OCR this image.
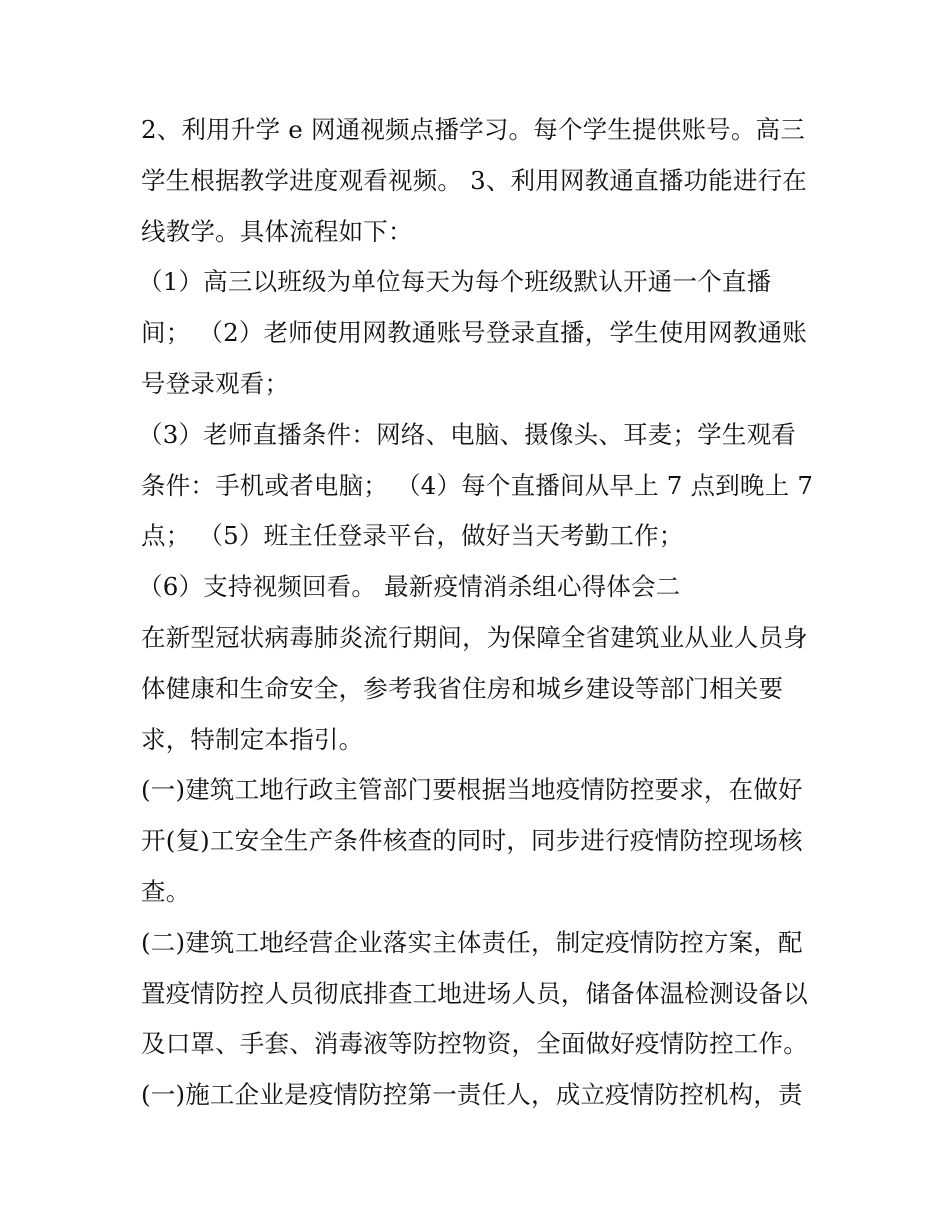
2、利用升学 e 网通视频点播学习。每个学生提供账号。高三
学生根据教学进度观看视频。 3、利用网教通直播功能进行在
线教学。具体流程如下：
（1）高三以班级为单位每天为每个班级默认开通一个直播
间； （2）老师使用网教通账号登录直播，学生使用网教通账
号登录观看；
（3）老师直播条件：网络、电脑、摄像头、耳麦；学生观看
条件：手机或者电脑； （4）每个直播间从早上 7 点到晚上 7
点； （5）班主任登录平台，做好当天考勤工作；
（6）支持视频回看。 最新疫情消杀组心得体会二
在新型冠状病毒肺炎流行期间，为保障全省建筑业从业人员身
体健康和生命安全，参考我省住房和城乡建设等部门相关要
求，特制定本指引。
(一)建筑工地行政主管部门要根据当地疫情防控要求，在做好
开(复)工安全生产条件核查的同时，同步进行疫情防控现场核
查。
(二)建筑工地经营企业落实主体责任，制定疫情防控方案，配
置疫情防控人员彻底排查工地进场人员，储备体温检测设备以
及口罩、手套、消毒液等防控物资，全面做好疫情防控工作。
(一)施工企业是疫情防控第一责任人，成立疫情防控机构，责
